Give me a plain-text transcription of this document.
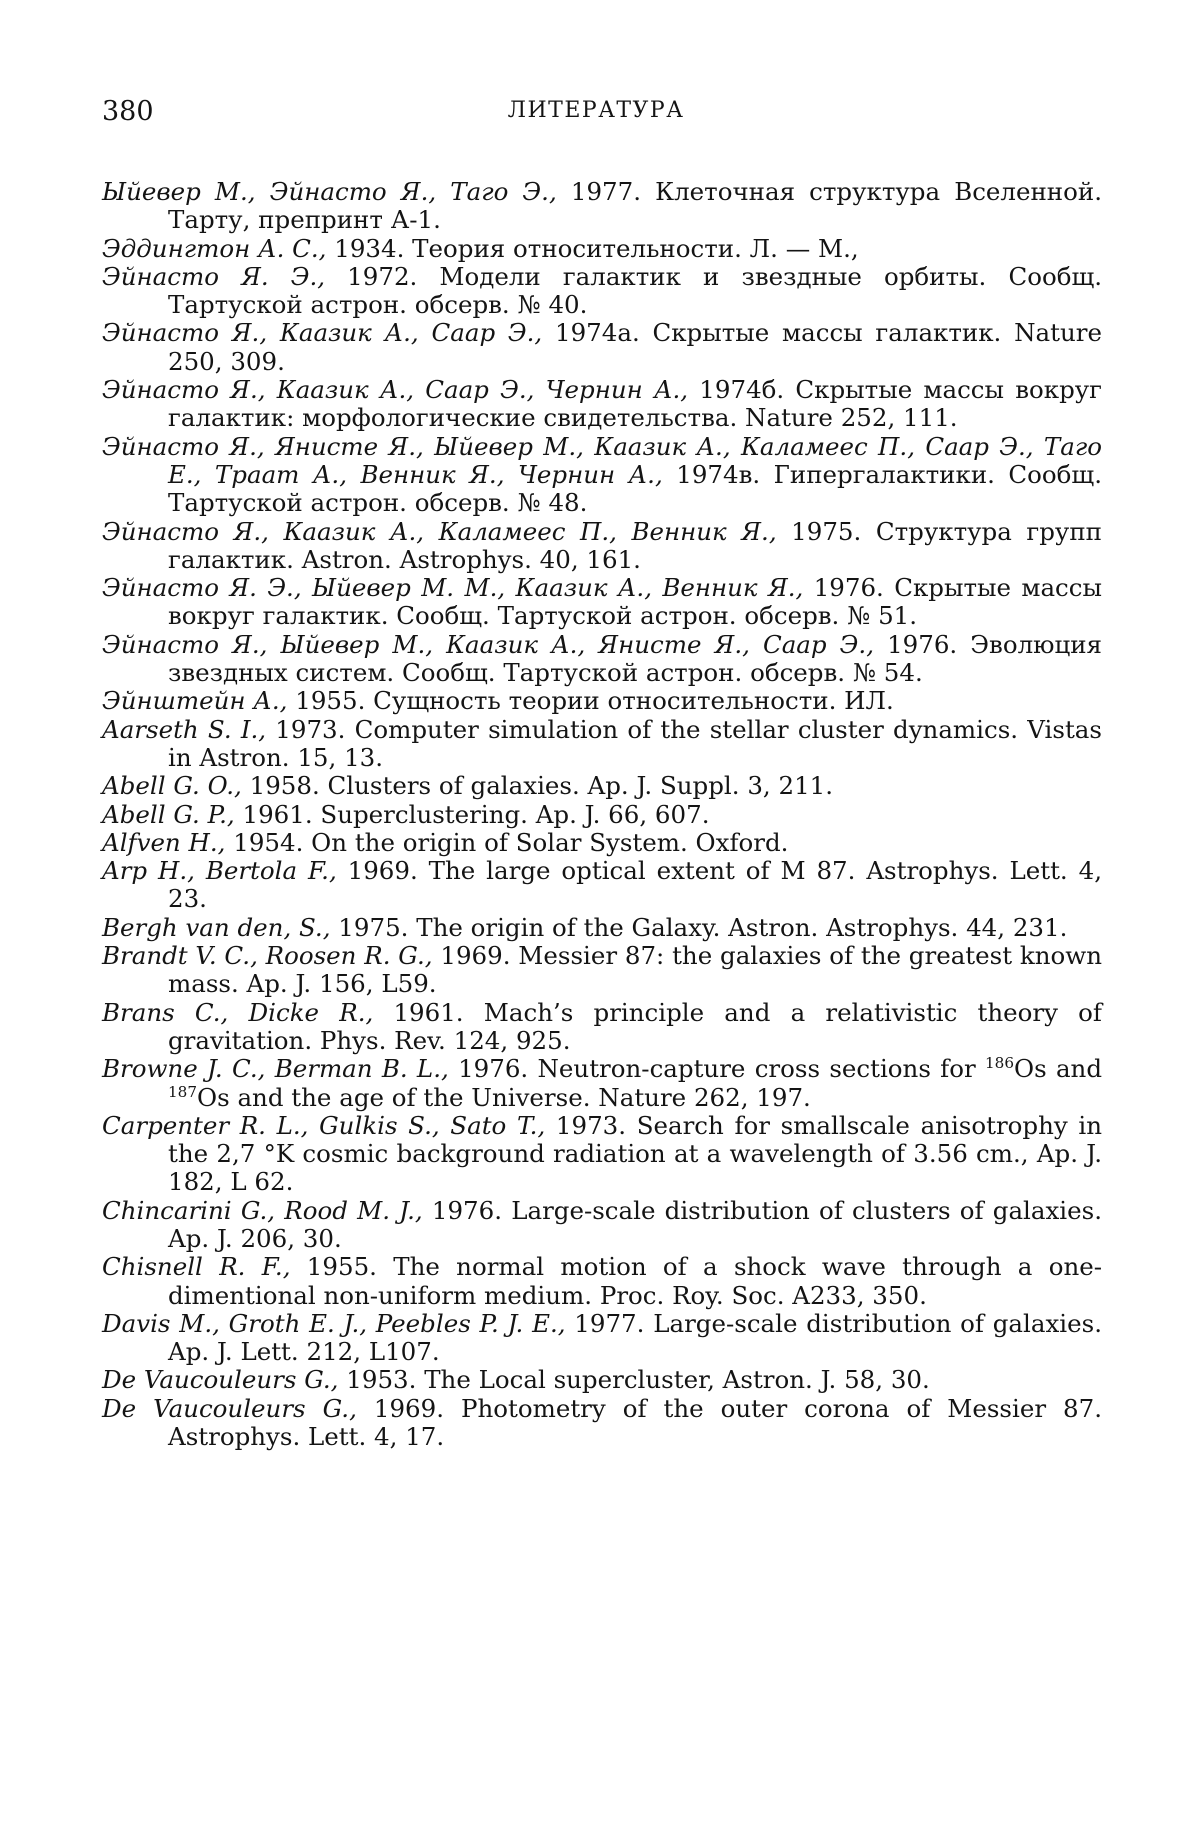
380	ЛИТЕРАТУРА

Ыйевер М., Эйнасто Я., Таго Э., 1977. Клеточная структура Вселенной. Тарту, препринт А-1.

Эддингтон А. С., 1934. Теория относительности. Л. — М.,

Эйнасто Я. Э., 1972. Модели галактик и звездные орбиты. Сообщ. Тартуской астрон. обсерв. № 40.

Эйнасто Я., Каазик А., Саар Э., 1974а. Скрытые массы галактик. Nature 250, 309.

Эйнасто Я., Каазик А., Саар Э., Чернин А., 1974б. Скрытые массы вокруг галактик: морфологические свидетельства. Nature 252, 111.

Эйнасто Я., Янисте Я., Ыйевер М., Каазик А., Каламеес П., Саар Э., Таго Е., Траат А., Венник Я., Чернин А., 1974в. Гипергалактики. Сообщ. Тартуской астрон. обсерв. № 48.

Эйнасто Я., Каазик А., Каламеес П., Венник Я., 1975. Структура групп галактик. Astron. Astrophys. 40, 161.

Эйнасто Я. Э., Ыйевер М. М., Каазик А., Венник Я., 1976. Скрытые массы вокруг галактик. Сообщ. Тартуской астрон. обсерв. № 51.

Эйнасто Я., Ыйевер М., Каазик А., Янисте Я., Саар Э., 1976. Эволюция звездных систем. Сообщ. Тартуской астрон. обсерв. № 54.

Эйнштейн А., 1955. Сущность теории относительности. ИЛ.

Aarseth S. I., 1973. Computer simulation of the stellar cluster dynamics. Vistas in Astron. 15, 13.

Abell G. O., 1958. Clusters of galaxies. Ap. J. Suppl. 3, 211.

Abell G. P., 1961. Superclustering. Ap. J. 66, 607.

Alfven H., 1954. On the origin of Solar System. Oxford.

Arp H., Bertola F., 1969. The large optical extent of M 87. Astrophys. Lett. 4, 23.

Bergh van den, S., 1975. The origin of the Galaxy. Astron. Astrophys. 44, 231.

Brandt V. C., Roosen R. G., 1969. Messier 87: the galaxies of the greatest known mass. Ap. J. 156, L59.

Brans C., Dicke R., 1961. Mach’s principle and a relativistic theory of gravitation. Phys. Rev. 124, 925.

Browne J. C., Berman B. L., 1976. Neutron-capture cross sections for $^{186}$Os and $^{187}$Os and the age of the Universe. Nature 262, 197.

Carpenter R. L., Gulkis S., Sato T., 1973. Search for smallscale anisotrophy in the 2,7 °K cosmic background radiation at a wavelength of 3.56 cm., Ap. J. 182, L 62.

Chincarini G., Rood M. J., 1976. Large-scale distribution of clusters of galaxies. Ap. J. 206, 30.

Chisnell R. F., 1955. The normal motion of a shock wave through a one-dimentional non-uniform medium. Proc. Roy. Soc. A233, 350.

Davis M., Groth E. J., Peebles P. J. E., 1977. Large-scale distribution of galaxies. Ap. J. Lett. 212, L107.

De Vaucouleurs G., 1953. The Local supercluster, Astron. J. 58, 30.

De Vaucouleurs G., 1969. Photometry of the outer corona of Messier 87. Astrophys. Lett. 4, 17.
